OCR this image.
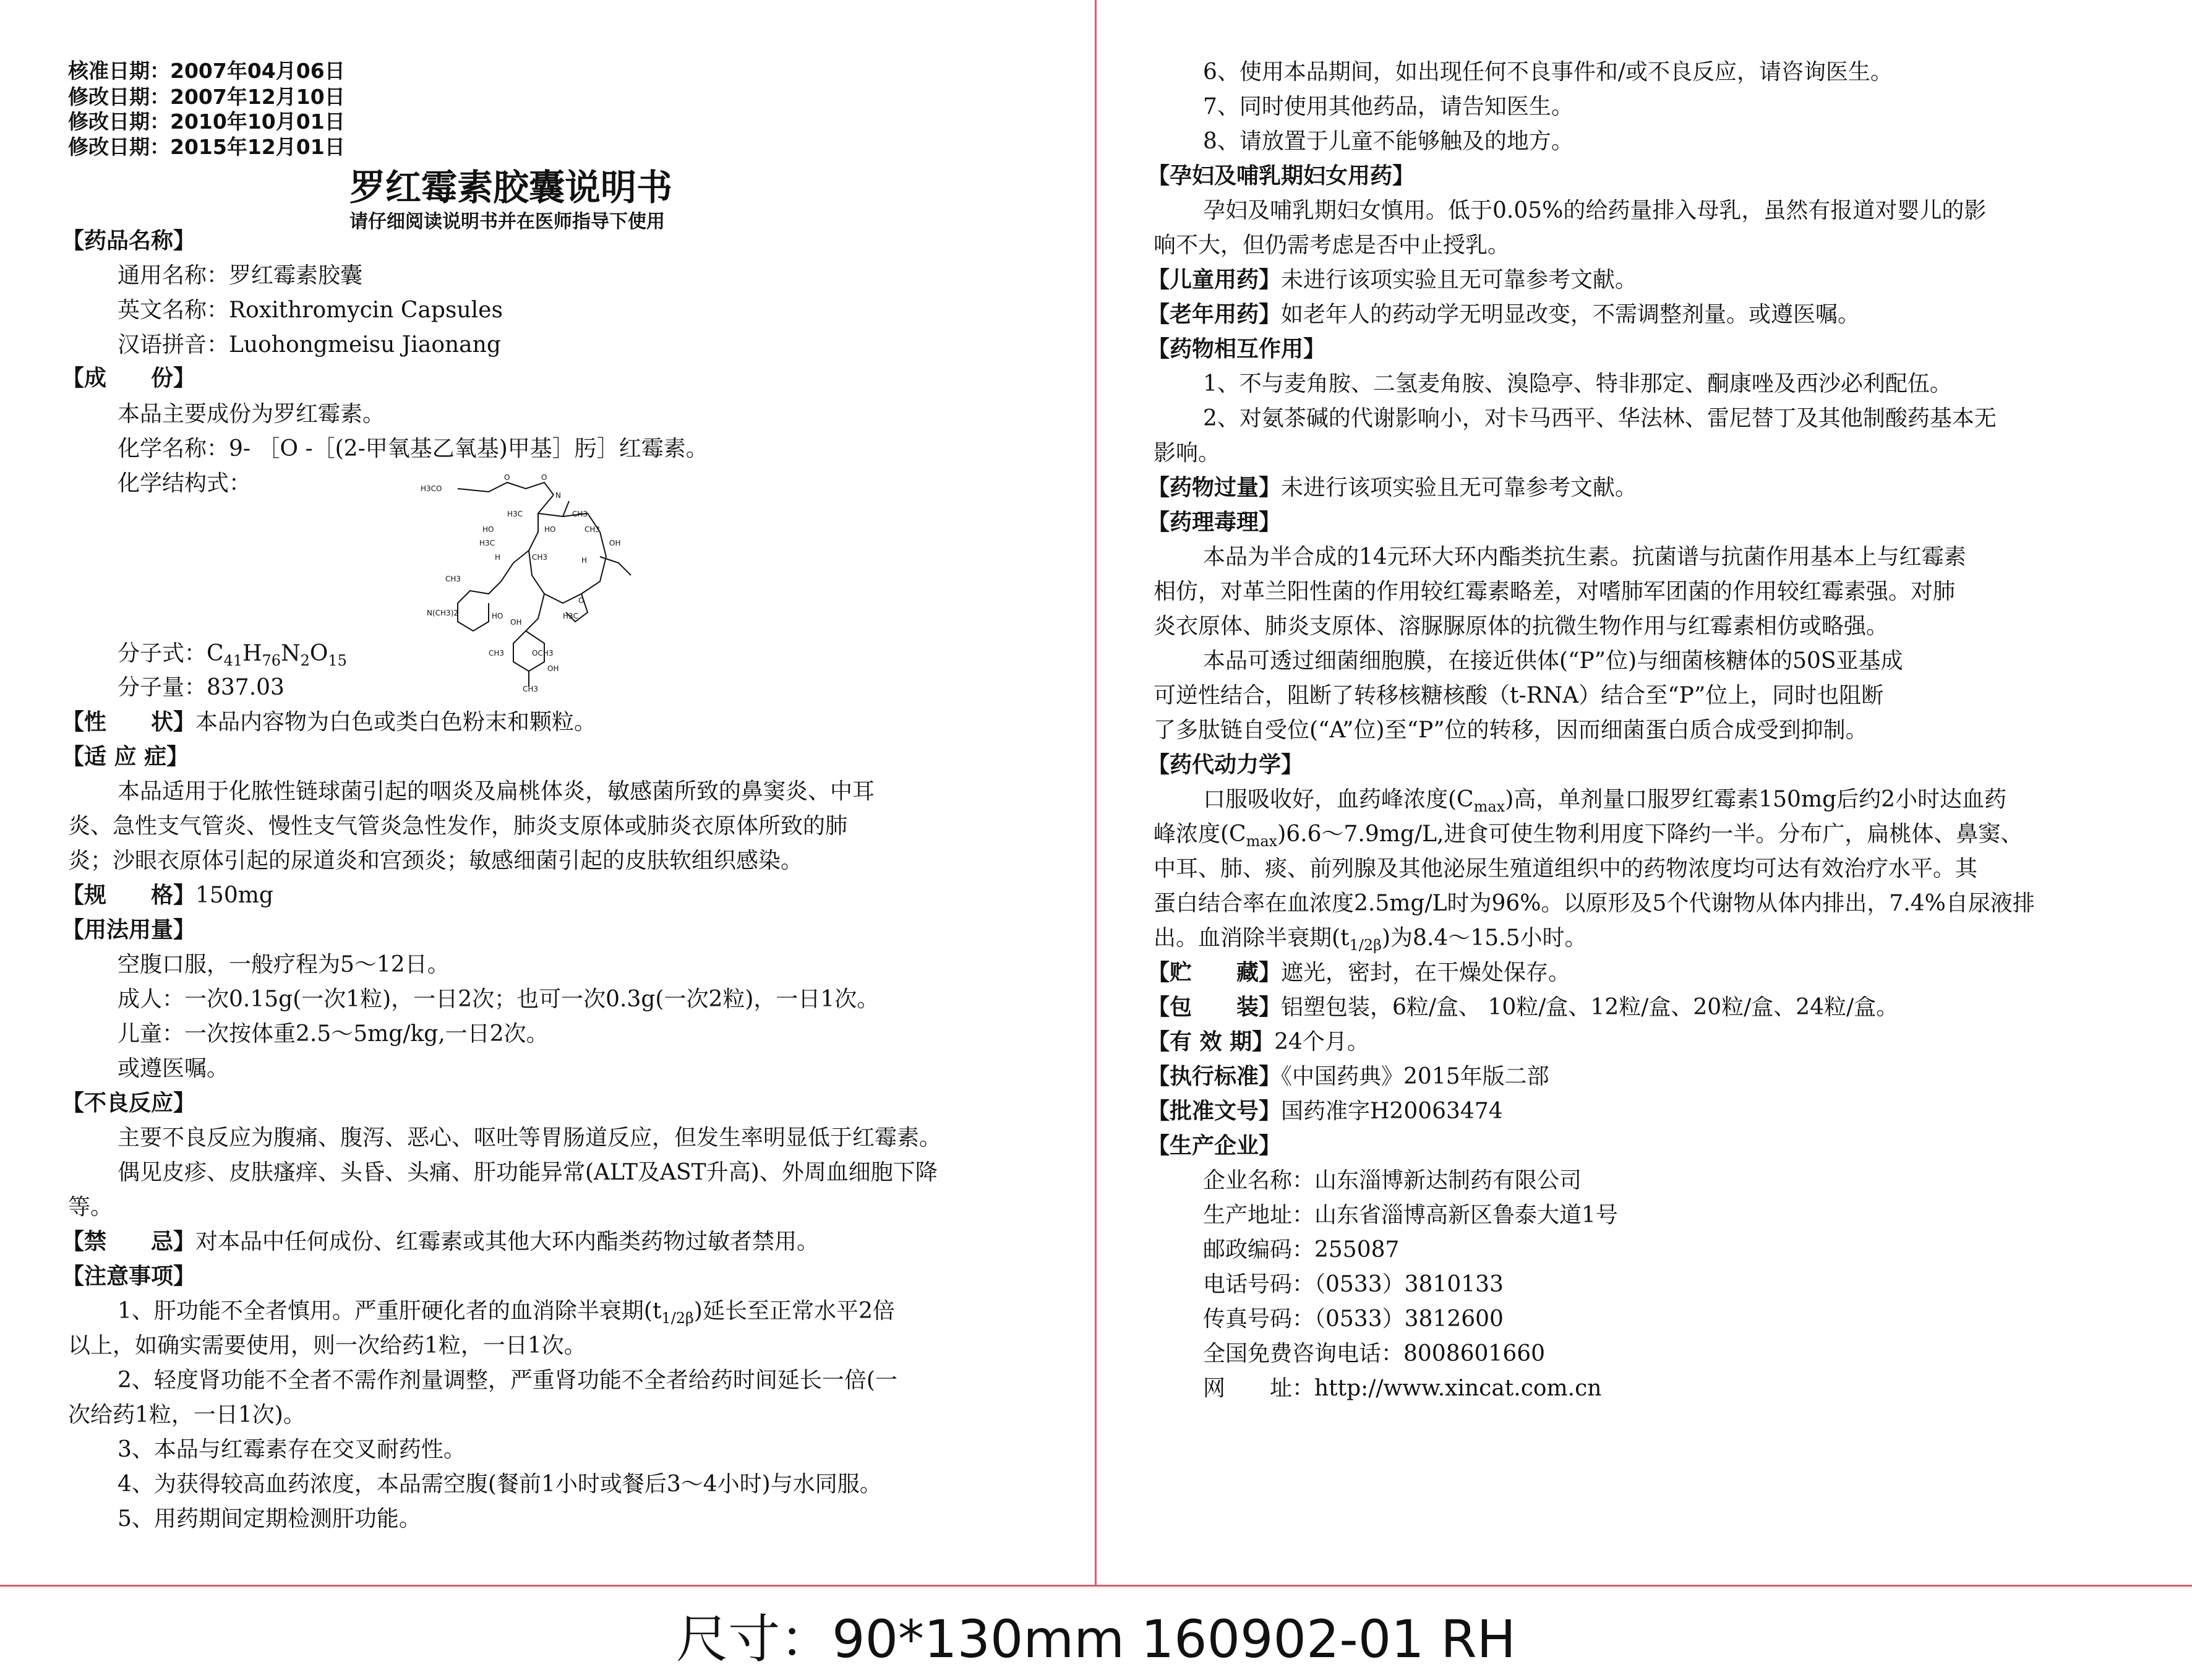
核准日期：2007年04月06日
修改日期：2007年12月10日
修改日期：2010年10月01日
修改日期：2015年12月01日
罗红霉素胶囊说明书
请仔细阅读说明书并在医师指导下使用
【药品名称】
通用名称：罗红霉素胶囊
英文名称：Roxithromycin Capsules
汉语拼音：Luohongmeisu Jiaonang
【成　　份】
本品主要成份为罗红霉素。
化学名称：9- ［O -［(2-甲氧基乙氧基)甲基］肟］红霉素。
化学结构式：	H3CO
O	O
N
H3C	CH3
HO	HO	CH3
OH
H3C
CH3
H	H
CH3
N(CH3)2	HO	H3C
OH
O
CH3	OCH3
OH
CH3
分子式：$C_{41}H_{76}N_2O_{15}$
分子量：837.03
【性　　状】本品内容物为白色或类白色粉末和颗粒。
【适 应 症】
本品适用于化脓性链球菌引起的咽炎及扁桃体炎，敏感菌所致的鼻窦炎、中耳
炎、急性支气管炎、慢性支气管炎急性发作，肺炎支原体或肺炎衣原体所致的肺
炎；沙眼衣原体引起的尿道炎和宫颈炎；敏感细菌引起的皮肤软组织感染。
【规　　格】150mg
【用法用量】
空腹口服，一般疗程为5～12日。
成人：一次0.15g(一次1粒)，一日2次；也可一次0.3g(一次2粒)，一日1次。
儿童：一次按体重2.5～5mg/kg,一日2次。
或遵医嘱。
【不良反应】
主要不良反应为腹痛、腹泻、恶心、呕吐等胃肠道反应，但发生率明显低于红霉素。
偶见皮疹、皮肤瘙痒、头昏、头痛、肝功能异常(ALT及AST升高)、外周血细胞下降
等。
【禁　　忌】对本品中任何成份、红霉素或其他大环内酯类药物过敏者禁用。
【注意事项】
1、肝功能不全者慎用。严重肝硬化者的血消除半衰期$(t_{1/2\beta})$延长至正常水平2倍
以上，如确实需要使用，则一次给药1粒，一日1次。
2、轻度肾功能不全者不需作剂量调整，严重肾功能不全者给药时间延长一倍(一
次给药1粒，一日1次)。
3、本品与红霉素存在交叉耐药性。
4、为获得较高血药浓度，本品需空腹(餐前1小时或餐后3～4小时)与水同服。
5、用药期间定期检测肝功能。
6、使用本品期间，如出现任何不良事件和/或不良反应，请咨询医生。
7、同时使用其他药品，请告知医生。
8、请放置于儿童不能够触及的地方。
【孕妇及哺乳期妇女用药】
孕妇及哺乳期妇女慎用。低于0.05%的给药量排入母乳，虽然有报道对婴儿的影
响不大，但仍需考虑是否中止授乳。
【儿童用药】未进行该项实验且无可靠参考文献。
【老年用药】如老年人的药动学无明显改变，不需调整剂量。或遵医嘱。
【药物相互作用】
1、不与麦角胺、二氢麦角胺、溴隐亭、特非那定、酮康唑及西沙必利配伍。
2、对氨茶碱的代谢影响小，对卡马西平、华法林、雷尼替丁及其他制酸药基本无
影响。
【药物过量】未进行该项实验且无可靠参考文献。
【药理毒理】
本品为半合成的14元环大环内酯类抗生素。抗菌谱与抗菌作用基本上与红霉素
相仿，对革兰阳性菌的作用较红霉素略差，对嗜肺军团菌的作用较红霉素强。对肺
炎衣原体、肺炎支原体、溶脲脲原体的抗微生物作用与红霉素相仿或略强。
本品可透过细菌细胞膜，在接近供体(“P”位)与细菌核糖体的50S亚基成
可逆性结合，阻断了转移核糖核酸（t-RNA）结合至“P”位上，同时也阻断
了多肽链自受位(“A”位)至“P”位的转移，因而细菌蛋白质合成受到抑制。
【药代动力学】
口服吸收好，血药峰浓度$(C_{max})$高，单剂量口服罗红霉素150mg后约2小时达血药
峰浓度$(C_{max})6.6\sim 7.9mg/L$,进食可使生物利用度下降约一半。分布广，扁桃体、鼻窦、
中耳、肺、痰、前列腺及其他泌尿生殖道组织中的药物浓度均可达有效治疗水平。其
蛋白结合率在血浓度2.5mg/L时为96%。以原形及5个代谢物从体内排出，7.4%自尿液排
出。血消除半衰期$(t_{1/2\beta})$为8.4～15.5小时。
【贮　　藏】遮光，密封，在干燥处保存。
【包　　装】铝塑包装，6粒/盒、 10粒/盒、12粒/盒、20粒/盒、24粒/盒。
【有 效 期】24个月。
【执行标准】《中国药典》2015年版二部
【批准文号】国药准字H20063474
【生产企业】
企业名称：山东淄博新达制药有限公司
生产地址：山东省淄博高新区鲁泰大道1号
邮政编码：255087
电话号码：（0533）3810133
传真号码：（0533）3812600
全国免费咨询电话：8008601660
网　　址：http://www.xincat.com.cn
尺寸：90*130mm 160902-01 RH
